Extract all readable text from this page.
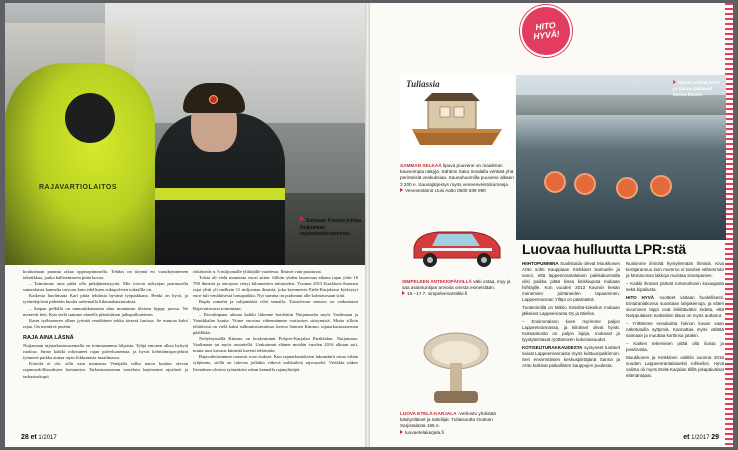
RAJAVARTIOLAITOS
Saimaan Kimmo johtaa Nuijamaan rajatarkastusasemaa.

koulutetaan paranta aikaa oppisopimusella. Tehdas on täynnä eri vaasikymmenen tekniikkaa, jonka hallisemiseen pitää kuvaa.

– Toimimme aina pitää olla pitkäjänteisyyttä. Mie toivon nykyajan parruusolla samanlaista kannalta toivoon kuin edellisten sukupolvien tottaallla on.

Kaikesta huolimatta Kari pitää tehdasta hyvänä työpaikkana. Henki on hyvä, ja työntekijöistä pidetään huolta tarkemalla liikuntaharrastuksia.

– Saipan pelkillä on ammattikunnasta alna muutamia tilaisen hyppy jaossa. Ne menevät heti. Kun vielä saimme alueelle pläsättäisen jalkapalloneitsen.

Karin työhuoneen ollme jyrinää venäläinen rekka täsessä lastissa. Se muutaa kohti rajaa. On mentävä perään.

RAJA AINA LÄSNÄ

Nuijamaan rajatarkastusasemalla on toimiaaamma hiljaista. Tyhjä emonen alkaa hyttyiä ruokisa. Sinne kaikki rohotaneet rajan palveluasemaa, ja hyvat kehittämisprojektin työnneet paikka auttaa rajan liikkumista maailmassa.

Kiireitä ei ole, sillä vain muutama Venäjältä tullut autoa kuuluu olevan rajamuodollisuuksien hoitamista. Tarkastusaseman vasteluin laajenemet ajoalueit ja tarkastuskopit

riittäisivät n. 6 miljoonalle ylittäjälle vuodessa. Ilmiset vain puuttuvat.

Toista oli vielä muutama vuosi sitten. Silloin yhden lasaavaan aikana rajan ylitti 18 700 ihmistä ja autojono venyi kilometrien mittaiseksi. Vuonna 2013 Kaakkois-Suomen rajat ylitti yli melkein 11 miljoonaa ihmistä, joka kymmenes Etelä-Karjalassa kytkeytyi euro-tuli venäläisestä lomapaikka. Nyt summa on pudonnut alle kolmasosaan siitä.

Rupla romahti ja tulijamäärä vihä samalla. Turistiviran muutos on vaikuttanut Rajavartioston toimintaan.

– Kitvalinpana aikana kaikki liikenne hoidettiin Nuijamaalta myös Vaalimaan ja Vainikkalan kautta. Viime vuosina vähennämme vartioston siirtymisiä. Mutta silloin tehtävissä on vielä kaksi sulkumistoimintaa, kertoo Saimen Kimmo, rajatarkastusaseman päällikkö.

Neliyhtymällä Kimmo on koskeutunut Pohjois-Karjalan Parikkalan, Nuijamaan, Vaalimaan tai myös rautatiellä. Urakoinnut elänne meidän vuoden 2016 alkuun asti, mutta uusi kuvaus kiinteää kavetti tehtävään.

Rajavahvistamme rousesti ovat etukset. Kun rajatarkastuksien lukumäärä ostaa vähän tyhjäsena, siellä on tulevan jollakin väkevä tarkkailetä rajavuodet. Vieläkin näkee Itsenäisen olosten työmääriin rahan kannalla rajanylittäjiä.

28 et 1/2017
HITO HYVÄ!
Tuliassia
SAMMAN SELKÄÄ lipuva puuvene on maailman kauneimpia näkyjä. Sähkön Saku Innalalla vehkää yhä perinteisiä veskuksiaa. Saunahuomilla puuvene alkaen 3 200 e. Saunajärjestys myös veneenveistokursseja.
Venevestämö Uusi Aalto 0500 839 990
SIMPELEEN ANTIIKKIPÄIVILLÄ väki ostaa, myy ja saa asiantuntijan arvioita omista esineistään.
16.–17.7. simpeleenantiikki.fi
LUOVA ETELÄ-KARJALA -verkosto yhdistää käsityöläiset ja taiteilijat. Tuliaisuutta Outinan Sarjistalasta 165 e.
luovaetelakarjala.fi
Naiset yrittää Arttu ja Sanna palaavat ilonsa likoon.
Luovaa hulluutta LPR:stä

HIIHTOPUMMINA Suolistoida olevat Muukkosen Arttu sohti Kauppiaan Kinkkiset Samuelin ja sanoi, että lappeenrantalaisen paikkakunnalla olisi paikka pitää kissa kinkkiupota mukaan hiihtäjille. Kun vuoden 2013 Kauniin kesän menemien piirtäneiden tapaaminen, Lappeenrannan Ylläpi on päämäärä.

Tuotenimillä on Mikko Sinisilta-kokeilun mukaan jälkeiset Lappeenranta Oy ja Mieliss.

– Ensimmäisen koen myrimme paljon Lappeenrannassa, ja kiitokset olivat hyvät. Kuksankosta on paljon lajeja, mukavat ja tyystyteistavat ryöttämisen kokonaisuudet.

KOTISEUTURAKKAUDESTA syntyneet tuotteet saivat Lappeenrannasta myös kulttuuripalkinnon. Sen ensimmäisen keskuspiirtäjänä Sanna ja Arttu kulkivat paikallisten kauppojen puolesta.

Nuisimme ilmiöitä hymyilemään ihmisiä. Kiva keräjarannuu kuin mummo ei tarvitse vähemmän ja Monacossa lakkoja muistaa sinnepanien.

– Kaikki ihmiset pitävät rumenahovin kuvaajasta sekä kipailusta.

HITO HYVÄ -tuotteet valtaan huolellisesti. Eintaranlakossa suositaan lahjakeinoja, ja sitten sivuminen lappi ovat leikittäväksi todeta, että Narppulaisen tuotteiden tilaus on myös auttanut.

– Yrittämme ennakoitta hienon kuvan vaan näkötutuilla syttymiä. Kannattaa myös välttää saimaan ja muuttaa korttinsa jotakin.

– Kaiken tekemisen pitää olla iloista ja positiivista.

Muukkonen ja Kinkkinen valittiin vuonna 2016 vuoden Lappeenrantalaiseksi rohkeiksi. Hyvä valinta oli myös Etelä-Karjalan tilillä jokapäiväiset elämäntapat.

et 1/2017 29
